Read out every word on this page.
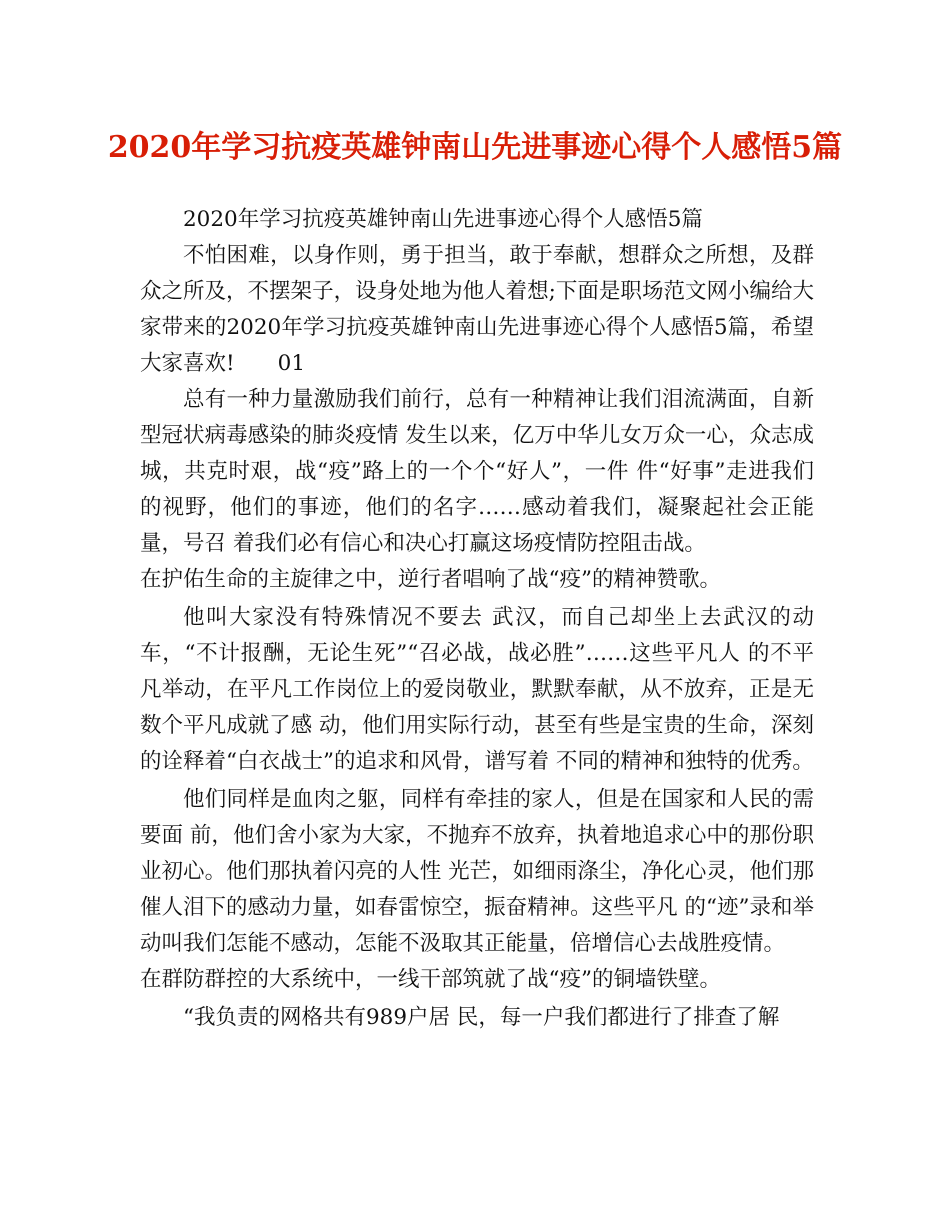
2020年学习抗疫英雄钟南山先进事迹心得个人感悟5篇

2020年学习抗疫英雄钟南山先进事迹心得个人感悟5篇

不怕困难，以身作则，勇于担当，敢于奉献，想群众之所想，及群众之所及，不摆架子，设身处地为他人着想;下面是职场范文网小编给大家带来的2020年学习抗疫英雄钟南山先进事迹心得个人感悟5篇，希望大家喜欢!　　01

总有一种力量激励我们前行，总有一种精神让我们泪流满面，自新型冠状病毒感染的肺炎疫情 发生以来，亿万中华儿女万众一心，众志成城，共克时艰，战“疫”路上的一个个“好人”，一件 件“好事”走进我们的视野，他们的事迹，他们的名字……感动着我们，凝聚起社会正能量，号召 着我们必有信心和决心打赢这场疫情防控阻击战。

在护佑生命的主旋律之中，逆行者唱响了战“疫”的精神赞歌。

他叫大家没有特殊情况不要去 武汉，而自己却坐上去武汉的动车，“不计报酬，无论生死”“召必战，战必胜”……这些平凡人 的不平凡举动，在平凡工作岗位上的爱岗敬业，默默奉献，从不放弃，正是无数个平凡成就了感 动，他们用实际行动，甚至有些是宝贵的生命，深刻的诠释着“白衣战士”的追求和风骨，谱写着 不同的精神和独特的优秀。

他们同样是血肉之躯，同样有牵挂的家人，但是在国家和人民的需要面 前，他们舍小家为大家，不抛弃不放弃，执着地追求心中的那份职业初心。他们那执着闪亮的人性 光芒，如细雨涤尘，净化心灵，他们那催人泪下的感动力量，如春雷惊空，振奋精神。这些平凡 的“迹”录和举动叫我们怎能不感动，怎能不汲取其正能量，倍增信心去战胜疫情。

在群防群控的大系统中，一线干部筑就了战“疫”的铜墙铁壁。

“我负责的网格共有989户居 民，每一户我们都进行了排查了解
